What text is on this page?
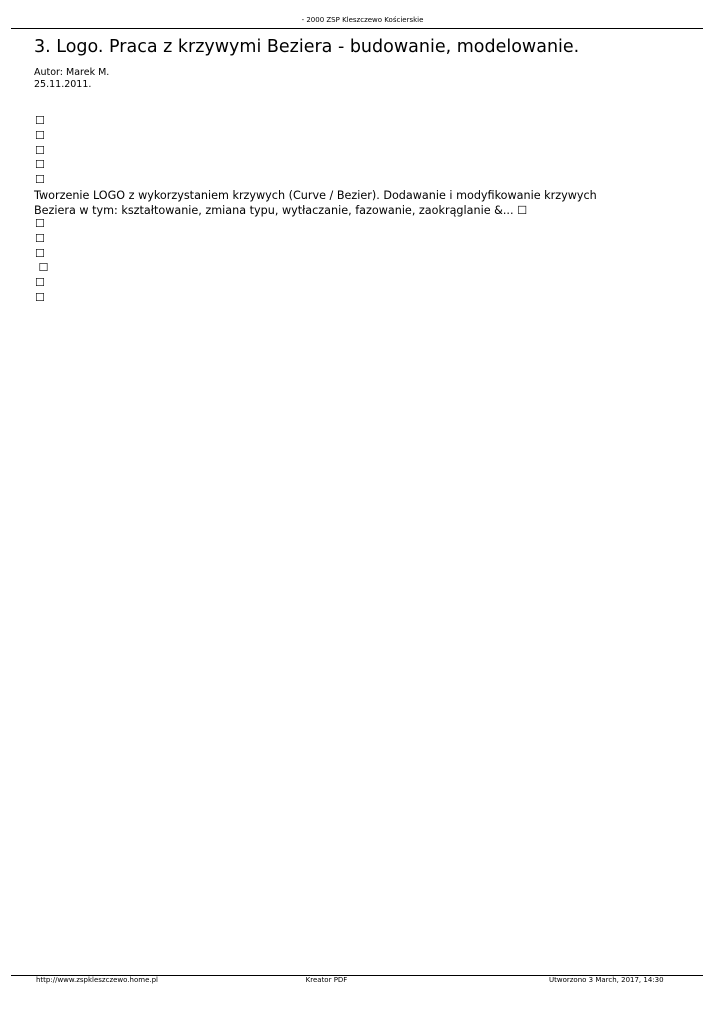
- 2000 ZSP Kleszczewo Kościerskie
3. Logo. Praca z krzywymi Beziera - budowanie, modelowanie.
Autor: Marek M.
25.11.2011.
☐
☐
☐
☐
☐

Tworzenie LOGO z wykorzystaniem krzywych (Curve / Bezier). Dodawanie i modyfikowanie krzywych
Beziera w tym: kształtowanie, zmiana typu, wytłaczanie, fazowanie, zaokrąglanie &... ☐

☐
☐
☐
☐
☐
☐
http://www.zspkleszczewo.home.pl	Kreator PDF	Utworzono 3 March, 2017, 14:30
